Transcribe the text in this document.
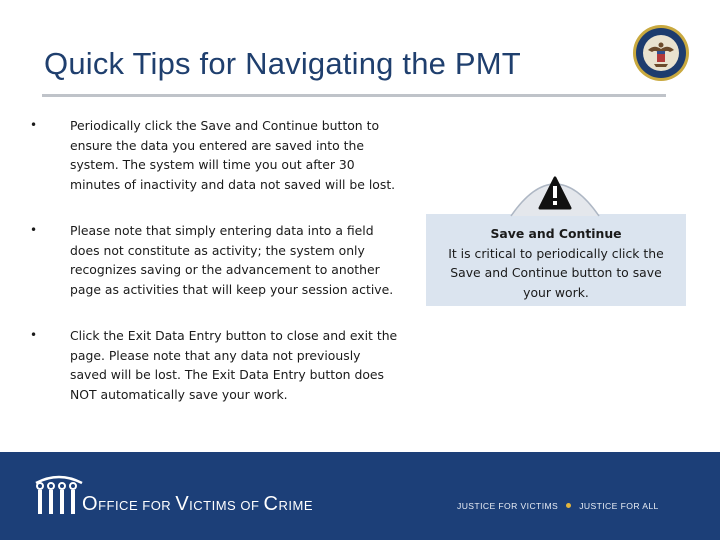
Quick Tips for Navigating the PMT
•	Periodically click the Save and Continue button to ensure the data you entered are saved into the system. The system will time you out after 30 minutes of inactivity and data not saved will be lost.
•	Please note that simply entering data into a field does not constitute as activity; the system only recognizes saving or the advancement to another page as activities that will keep your session active.
•	Click the Exit Data Entry button to close and exit the page. Please note that any data not previously saved will be lost. The Exit Data Entry button does NOT automatically save your work.
Save and Continue
It is critical to periodically click the Save and Continue button to save your work.
OFFICE FOR VICTIMS OF CRIME	JUSTICE FOR VICTIMS JUSTICE FOR ALL
